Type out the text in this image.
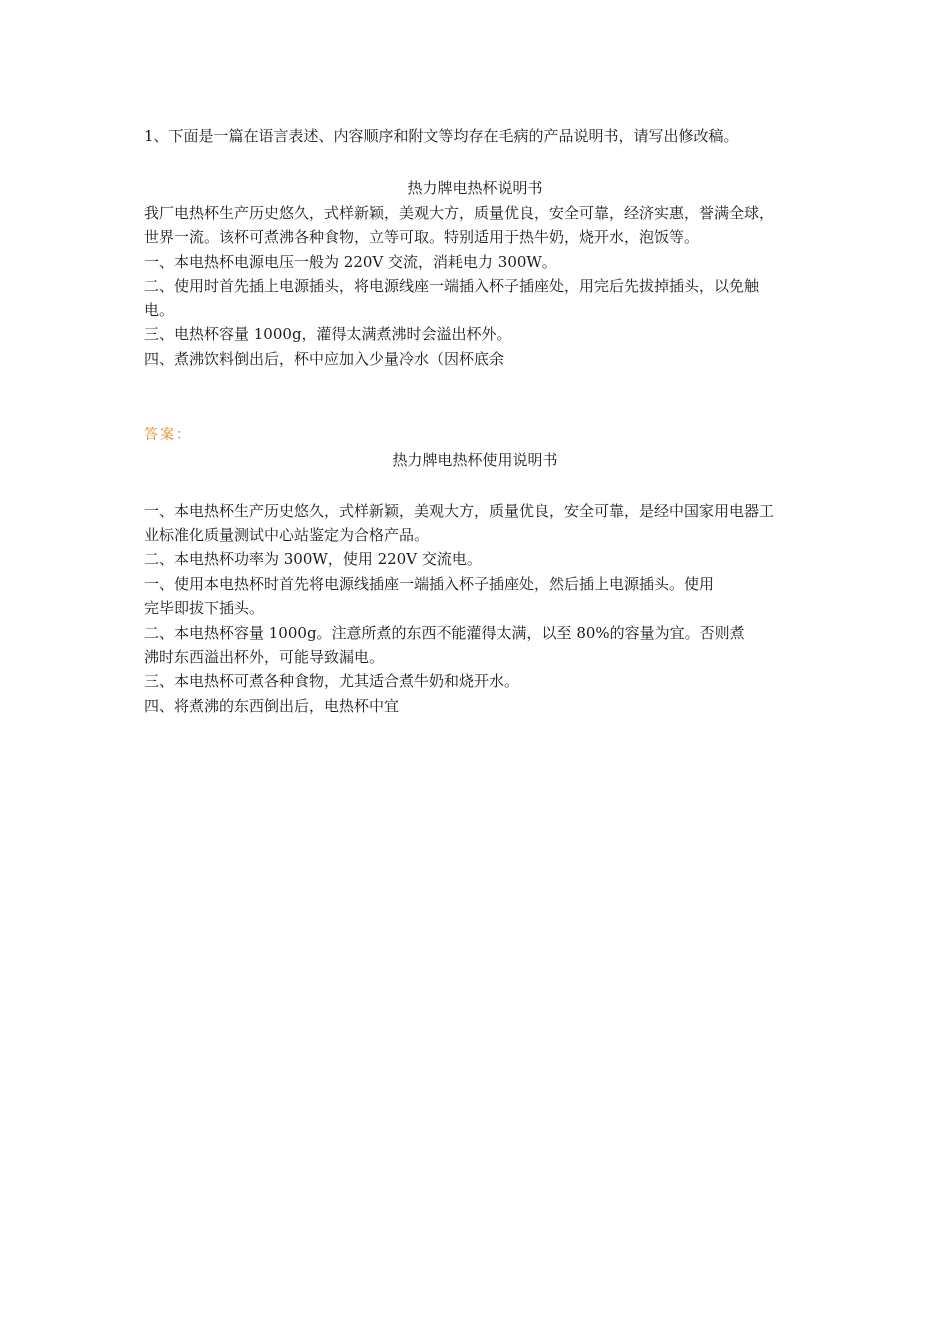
1、下面是一篇在语言表述、内容顺序和附文等均存在毛病的产品说明书，请写出修改稿。
热力牌电热杯说明书
我厂电热杯生产历史悠久，式样新颖，美观大方，质量优良，安全可靠，经济实惠，誉满全球，
世界一流。该杯可煮沸各种食物，立等可取。特别适用于热牛奶，烧开水，泡饭等。
一、本电热杯电源电压一般为 220V 交流，消耗电力 300W。
二、使用时首先插上电源插头，将电源线座一端插入杯子插座处，用完后先拔掉插头，以免触
电。
三、电热杯容量 1000g，灌得太满煮沸时会溢出杯外。
四、煮沸饮料倒出后，杯中应加入少量冷水（因杯底余
答案：
热力牌电热杯使用说明书
一、本电热杯生产历史悠久，式样新颖，美观大方，质量优良，安全可靠，是经中国家用电器工
业标准化质量测试中心站鉴定为合格产品。
二、本电热杯功率为 300W，使用 220V 交流电。
一、使用本电热杯时首先将电源线插座一端插入杯子插座处，然后插上电源插头。使用
完毕即拔下插头。
二、本电热杯容量 1000g。注意所煮的东西不能灌得太满，以至 80%的容量为宜。否则煮
沸时东西溢出杯外，可能导致漏电。
三、本电热杯可煮各种食物，尤其适合煮牛奶和烧开水。
四、将煮沸的东西倒出后，电热杯中宜
